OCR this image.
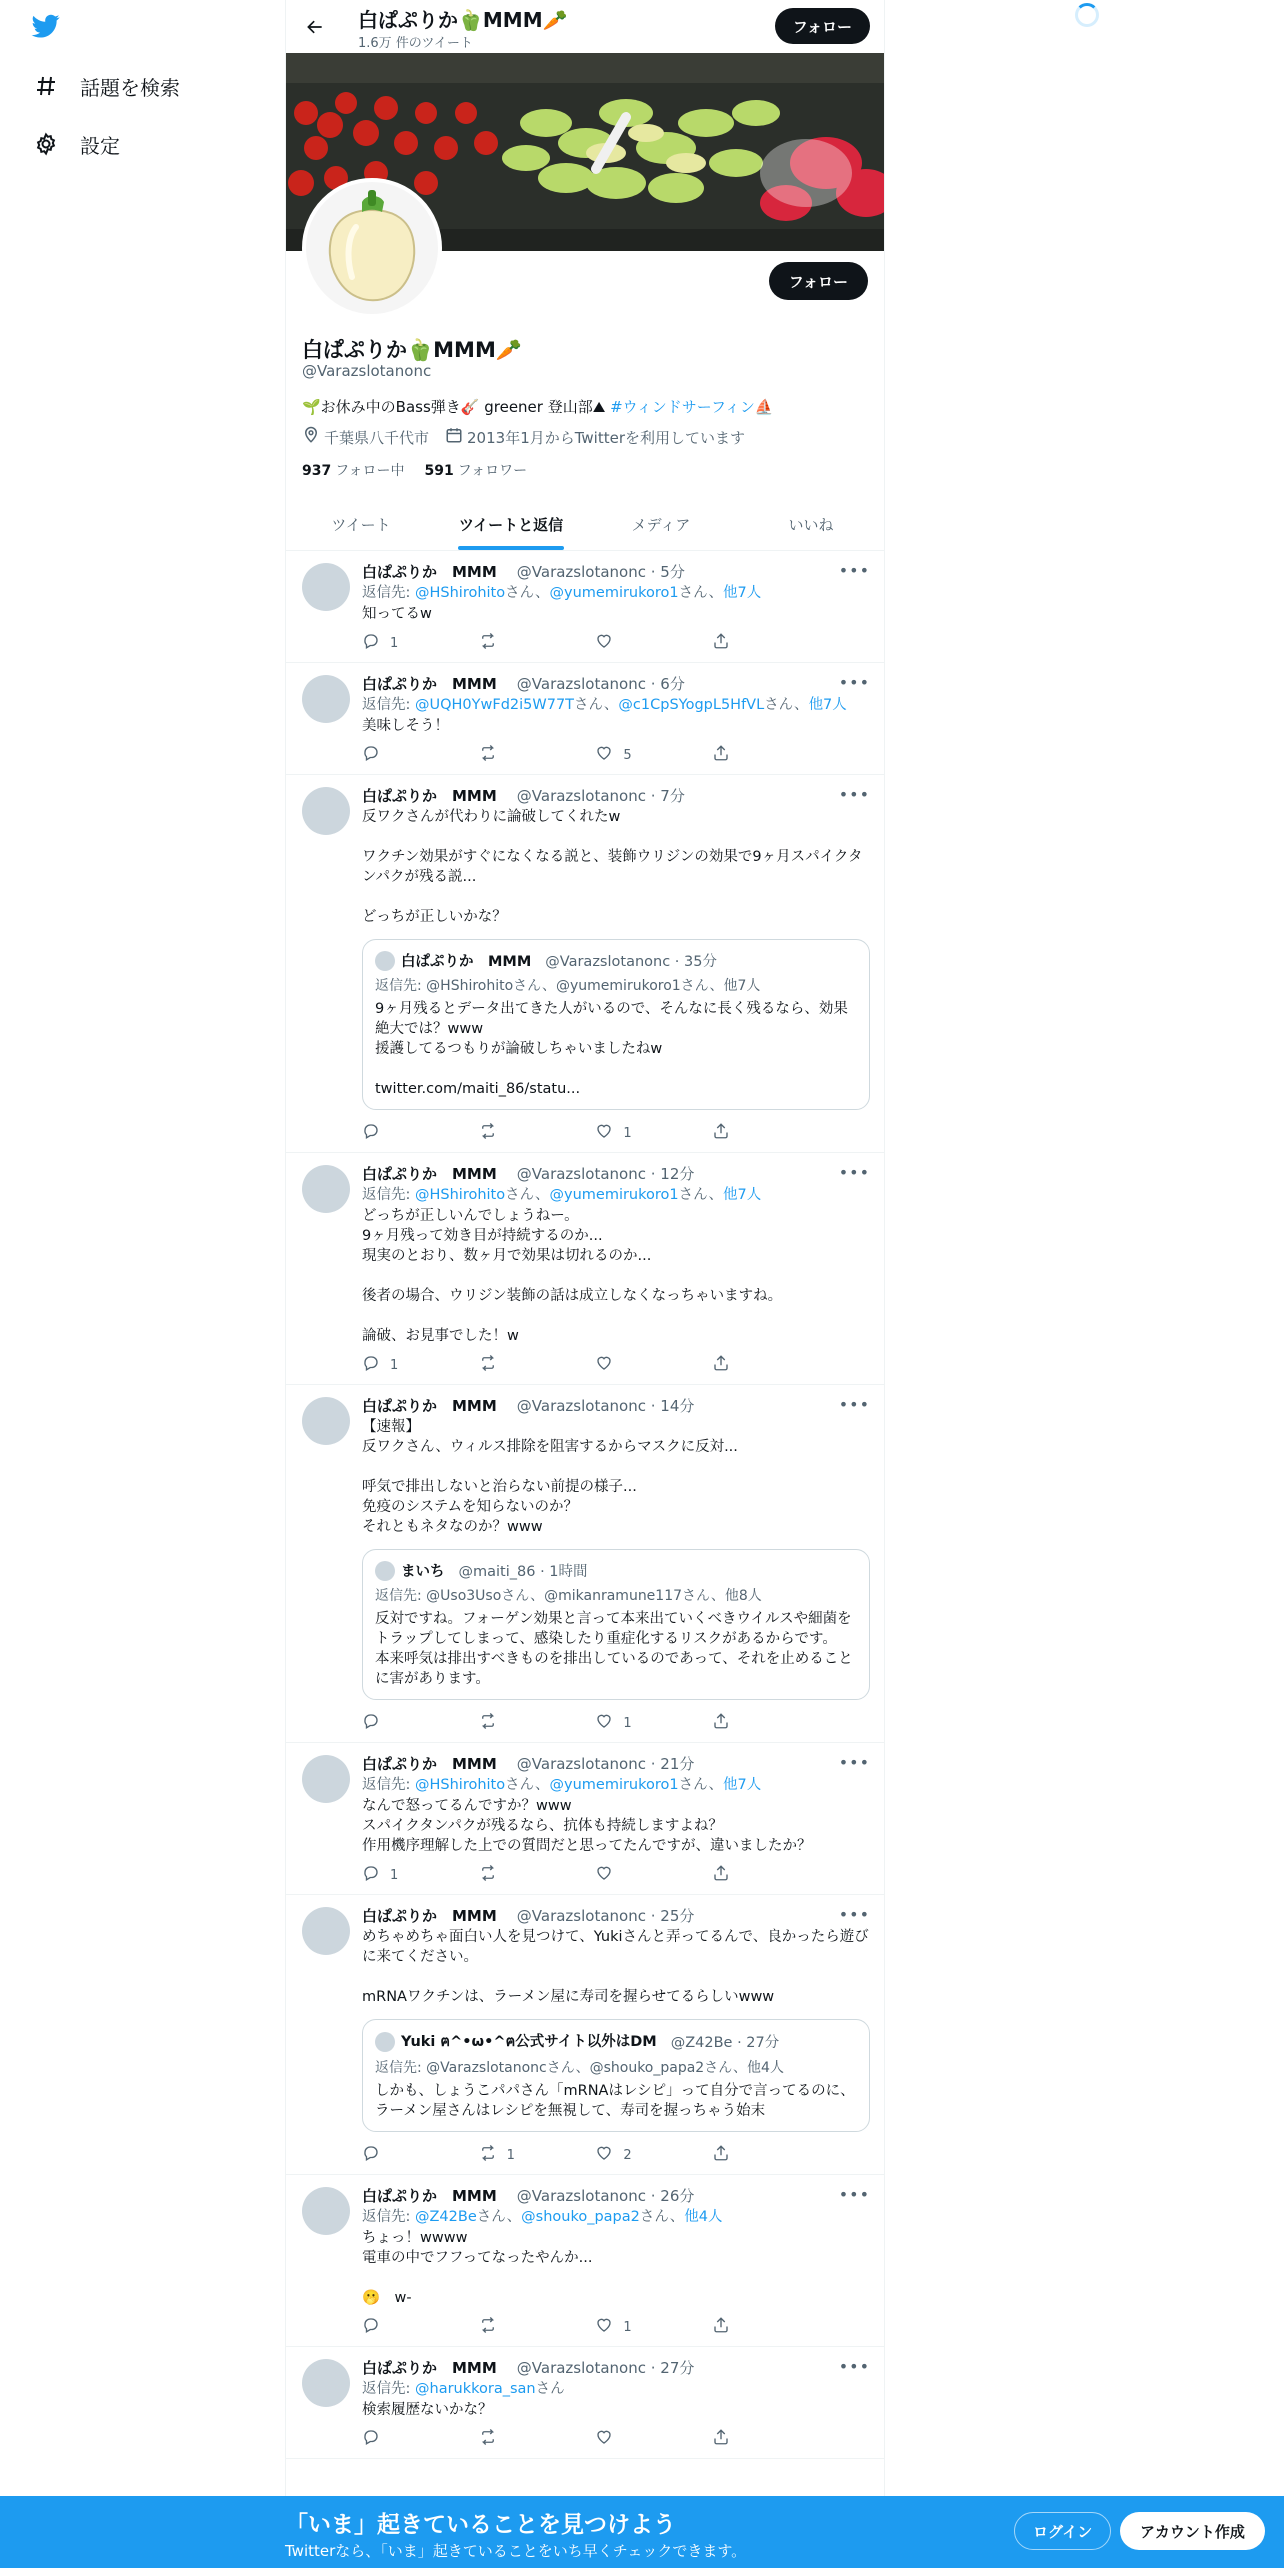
話題を検索
設定
白ぱぷりか🫑MMM🥕
1.6万 件のツイート
フォロー
フォロー
白ぱぷりか🫑MMM🥕
@Varazslotanonc
🌱お休み中のBass弾き🎸 greener 登山部⛰ #ウィンドサーフィン⛵
千葉県八千代市	2013年1月からTwitterを利用しています
937 フォロー中 591 フォロワー
ツイート	ツイートと返信	メディア	いいね
•••
白ぱぷりか　MMM @Varazslotanonc · 5分
返信先: @HShirohitoさん、@yumemirukoro1さん、他7人
知ってるw
1
•••
白ぱぷりか　MMM @Varazslotanonc · 6分
返信先: @UQH0YwFd2i5W77Tさん、@c1CpSYogpL5HfVLさん、他7人
美味しそう！
5
•••
白ぱぷりか　MMM @Varazslotanonc · 7分
反ワクさんが代わりに論破してくれたw

ワクチン効果がすぐになくなる説と、装飾ウリジンの効果で9ヶ月スパイクタンパクが残る説...

どっちが正しいかな？
白ぱぷりか　MMM @Varazslotanonc · 35分
返信先: @HShirohitoさん、@yumemirukoro1さん、他7人
9ヶ月残るとデータ出てきた人がいるので、そんなに長く残るなら、効果絶大では？www
援護してるつもりが論破しちゃいましたねw

twitter.com/maiti_86/statu...
1
•••
白ぱぷりか　MMM @Varazslotanonc · 12分
返信先: @HShirohitoさん、@yumemirukoro1さん、他7人
どっちが正しいんでしょうねー。
9ヶ月残って効き目が持続するのか...
現実のとおり、数ヶ月で効果は切れるのか...

後者の場合、ウリジン装飾の話は成立しなくなっちゃいますね。

論破、お見事でした！w
1
•••
白ぱぷりか　MMM @Varazslotanonc · 14分
【速報】
反ワクさん、ウィルス排除を阻害するからマスクに反対...

呼気で排出しないと治らない前提の様子...
免疫のシステムを知らないのか？
それともネタなのか？www
まいち @maiti_86 · 1時間
返信先: @Uso3Usoさん、@mikanramune117さん、他8人
反対ですね。フォーゲン効果と言って本来出ていくべきウイルスや細菌をトラップしてしまって、感染したり重症化するリスクがあるからです。
本来呼気は排出すべきものを排出しているのであって、それを止めることに害があります。
1
•••
白ぱぷりか　MMM @Varazslotanonc · 21分
返信先: @HShirohitoさん、@yumemirukoro1さん、他7人
なんで怒ってるんですか？www
スパイクタンパクが残るなら、抗体も持続しますよね？
作用機序理解した上での質問だと思ってたんですが、違いましたか？
1
•••
白ぱぷりか　MMM @Varazslotanonc · 25分
めちゃめちゃ面白い人を見つけて、Yukiさんと弄ってるんで、良かったら遊びに来てください。

mRNAワクチンは、ラーメン屋に寿司を握らせてるらしいwww
Yuki ฅ^•ω•^ฅ公式サイト以外はDM @Z42Be · 27分
返信先: @Varazslotanoncさん、@shouko_papa2さん、他4人
しかも、しょうこパパさん「mRNAはレシピ」って自分で言ってるのに、ラーメン屋さんはレシピを無視して、寿司を握っちゃう始末
1	2
•••
白ぱぷりか　MMM @Varazslotanonc · 26分
返信先: @Z42Beさん、@shouko_papa2さん、他4人
ちょっ！wwww
電車の中でフフってなったやんか...

🫢　w-
1
•••
白ぱぷりか　MMM @Varazslotanonc · 27分
返信先: @harukkora_sanさん
検索履歴ないかな？
「いま」起きていることを見つけよう
Twitterなら、「いま」起きていることをいち早くチェックできます。
ログイン	アカウント作成
